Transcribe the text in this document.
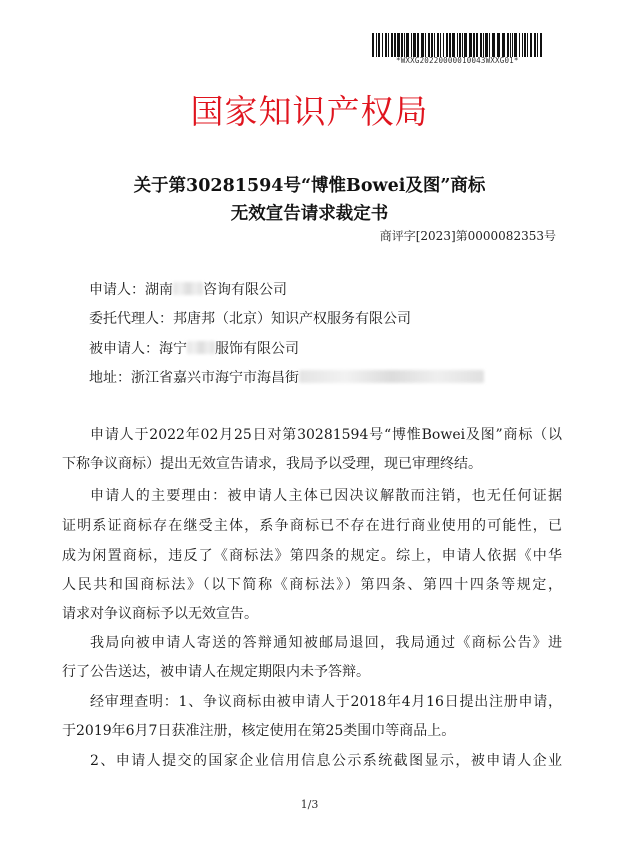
*WXXG20220000010043WXXG01*
国家知识产权局
关于第30281594号“博惟Bowei及图”商标
无效宣告请求裁定书
商评字[2023]第0000082353号
申请人：湖南 咨询有限公司
委托代理人：邦唐邦（北京）知识产权服务有限公司
被申请人：海宁 服饰有限公司
地址：浙江省嘉兴市海宁市海昌街
申请人于2022年02月25日对第30281594号“博惟Bowei及图”商标（以
下称争议商标）提出无效宣告请求，我局予以受理，现已审理终结。
申请人的主要理由：被申请人主体已因决议解散而注销，也无任何证据
证明系证商标存在继受主体，系争商标已不存在进行商业使用的可能性，已
成为闲置商标，违反了《商标法》第四条的规定。综上，申请人依据《中华
人民共和国商标法》（以下简称《商标法》）第四条、第四十四条等规定，
请求对争议商标予以无效宣告。
我局向被申请人寄送的答辩通知被邮局退回，我局通过《商标公告》进
行了公告送达，被申请人在规定期限内未予答辩。
经审理查明：1、争议商标由被申请人于2018年4月16日提出注册申请，
于2019年6月7日获准注册，核定使用在第25类围巾等商品上。
2、申请人提交的国家企业信用信息公示系统截图显示，被申请人企业
1/3
